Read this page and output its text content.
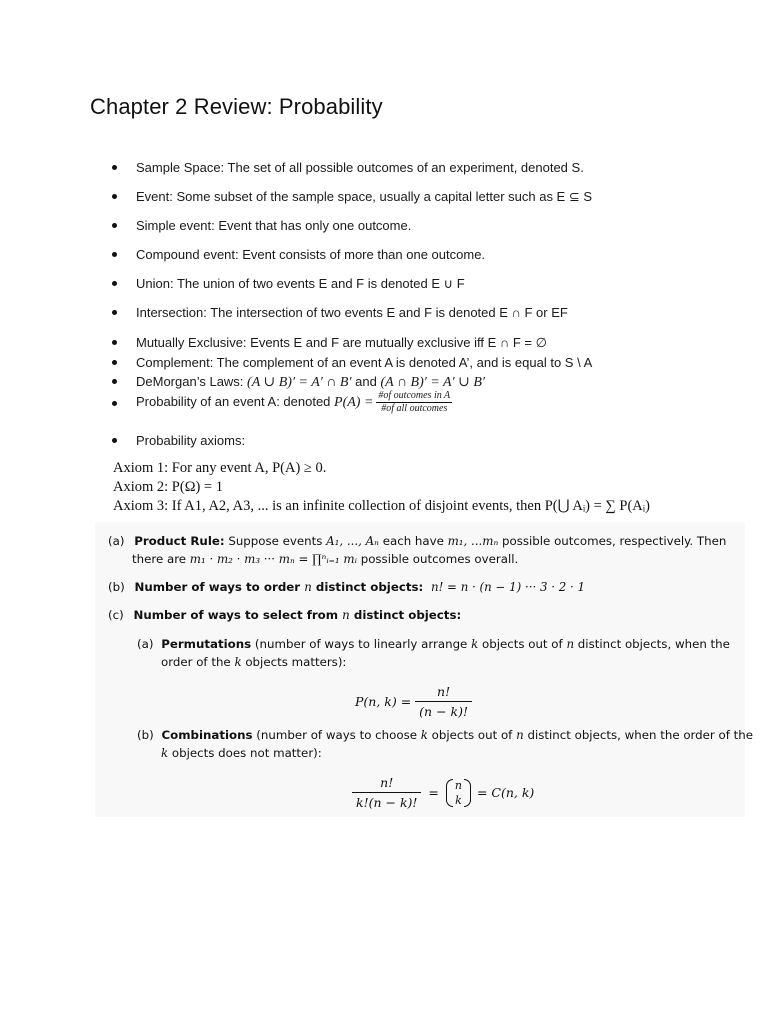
Chapter 2 Review: Probability
Sample Space: The set of all possible outcomes of an experiment, denoted S.
Event: Some subset of the sample space, usually a capital letter such as E ⊆ S
Simple event: Event that has only one outcome.
Compound event: Event consists of more than one outcome.
Union: The union of two events E and F is denoted E ∪ F
Intersection: The intersection of two events E and F is denoted E ∩ F or EF
Mutually Exclusive: Events E and F are mutually exclusive iff E ∩ F = ∅
Complement: The complement of an event A is denoted A’, and is equal to S \ A
DeMorgan’s Laws: (A ∪ B)′ = A′ ∩ B′ and (A ∩ B)′ = A′ ∪ B′
Probability of an event A: denoted $P(A) = \frac{\text{\#of outcomes in A}}{\text{\#of all outcomes}}$
Probability axioms:
Axiom 1: For any event A, P(A) ≥ 0.
Axiom 2: P(Ω) = 1
Axiom 3: If A1, A2, A3, ... is an infinite collection of disjoint events, then P(⋃ Aᵢ) = ∑ P(Aᵢ)
(a) Product Rule: Suppose events A₁, ..., Aₙ each have m₁, ...mₙ possible outcomes, respectively. Then
there are m₁ · m₂ · m₃ ··· mₙ = ∏ⁿᵢ₌₁ mᵢ possible outcomes overall.
(b) Number of ways to order n distinct objects: n! = n · (n − 1) ··· 3 · 2 · 1
(c) Number of ways to select from n distinct objects:
(a) Permutations (number of ways to linearly arrange k objects out of n distinct objects, when the
order of the k objects matters):
P(n, $k) = \frac{n!}{(n - k)!}$
(b) Combinations (number of ways to choose k objects out of n distinct objects, when the order of the
k objects does not matter):
$\frac{n!}{k!(n - k)!} = n$
k = C(n, k)
